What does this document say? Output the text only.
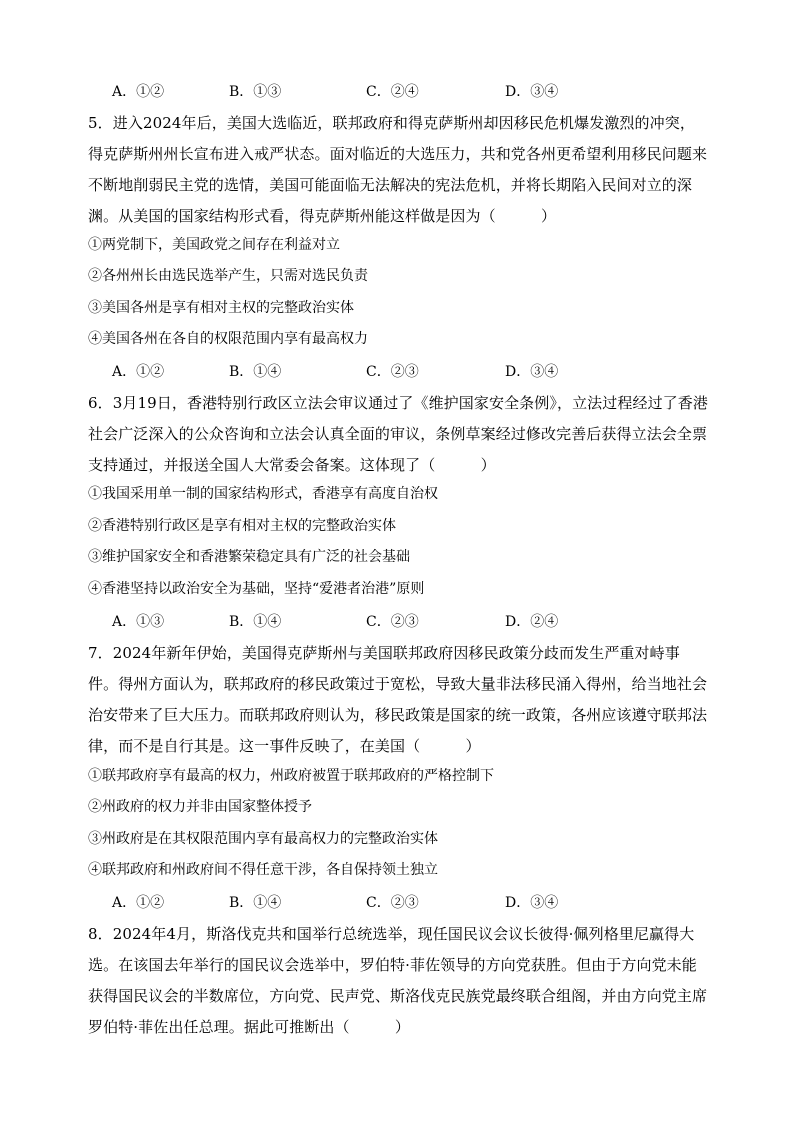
A．①②	B．①③	C．②④	D．③④

5．进入2024年后，美国大选临近，联邦政府和得克萨斯州却因移民危机爆发激烈的冲突，得克萨斯州州长宣布进入戒严状态。面对临近的大选压力，共和党各州更希望利用移民问题来不断地削弱民主党的选情，美国可能面临无法解决的宪法危机，并将长期陷入民间对立的深渊。从美国的国家结构形式看，得克萨斯州能这样做是因为（　　　）

①两党制下，美国政党之间存在利益对立
②各州州长由选民选举产生，只需对选民负责
③美国各州是享有相对主权的完整政治实体
④美国各州在各自的权限范围内享有最高权力
A．①②	B．①④	C．②③	D．③④

6．3月19日，香港特别行政区立法会审议通过了《维护国家安全条例》，立法过程经过了香港社会广泛深入的公众咨询和立法会认真全面的审议，条例草案经过修改完善后获得立法会全票支持通过，并报送全国人大常委会备案。这体现了（　　　）

①我国采用单一制的国家结构形式，香港享有高度自治权
②香港特别行政区是享有相对主权的完整政治实体
③维护国家安全和香港繁荣稳定具有广泛的社会基础
④香港坚持以政治安全为基础，坚持“爱港者治港”原则
A．①③	B．①④	C．②③	D．②④

7．2024年新年伊始，美国得克萨斯州与美国联邦政府因移民政策分歧而发生严重对峙事件。得州方面认为，联邦政府的移民政策过于宽松，导致大量非法移民涌入得州，给当地社会治安带来了巨大压力。而联邦政府则认为，移民政策是国家的统一政策，各州应该遵守联邦法律，而不是自行其是。这一事件反映了，在美国（　　　）

①联邦政府享有最高的权力，州政府被置于联邦政府的严格控制下
②州政府的权力并非由国家整体授予
③州政府是在其权限范围内享有最高权力的完整政治实体
④联邦政府和州政府间不得任意干涉，各自保持领土独立
A．①②	B．①④	C．②③	D．③④

8．2024年4月，斯洛伐克共和国举行总统选举，现任国民议会议长彼得·佩列格里尼赢得大选。在该国去年举行的国民议会选举中，罗伯特·菲佐领导的方向党获胜。但由于方向党未能获得国民议会的半数席位，方向党、民声党、斯洛伐克民族党最终联合组阁，并由方向党主席罗伯特·菲佐出任总理。据此可推断出（　　　）
